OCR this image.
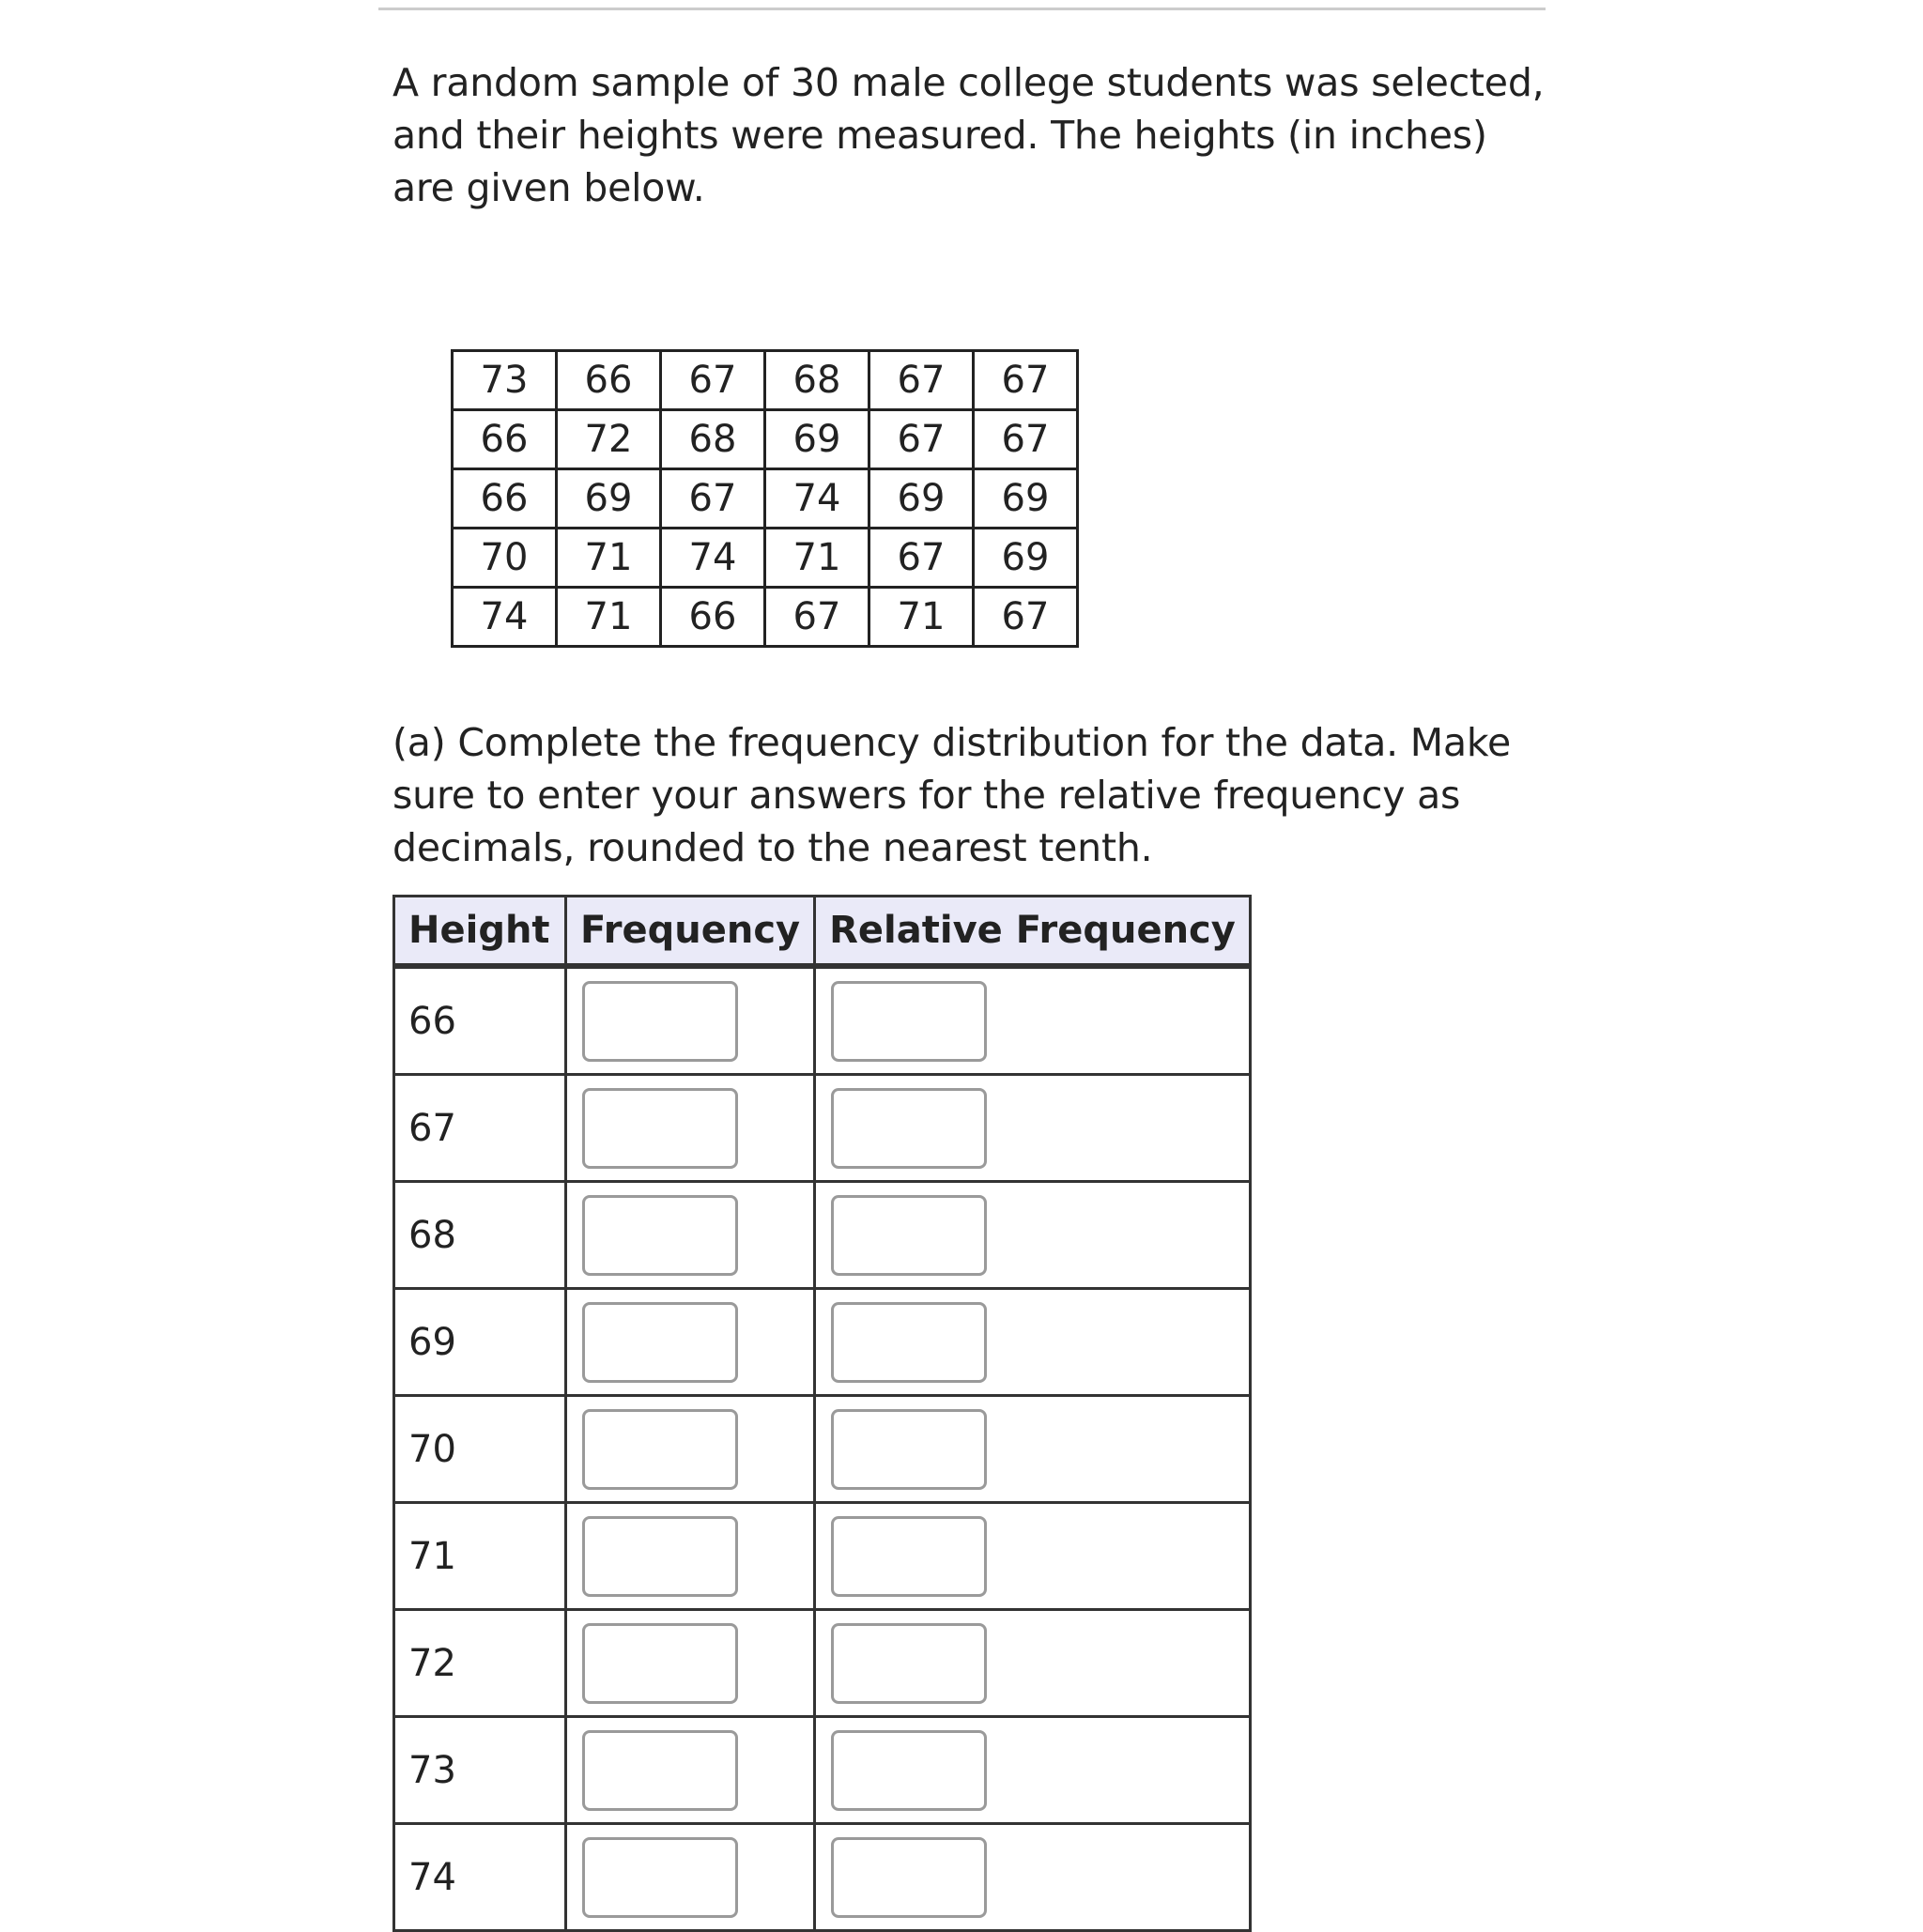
A random sample of 30 male college students was selected, and their heights were measured. The heights (in inches) are given below.

73	66	67	68	67	67
66	72	68	69	67	67
66	69	67	74	69	69
70	71	74	71	67	69
74	71	66	67	71	67

(a) Complete the frequency distribution for the data. Make sure to enter your answers for the relative frequency as decimals, rounded to the nearest tenth.

Height	Frequency	Relative Frequency
66	

67	

68	

69	

70	

71	

72	

73	

74	
